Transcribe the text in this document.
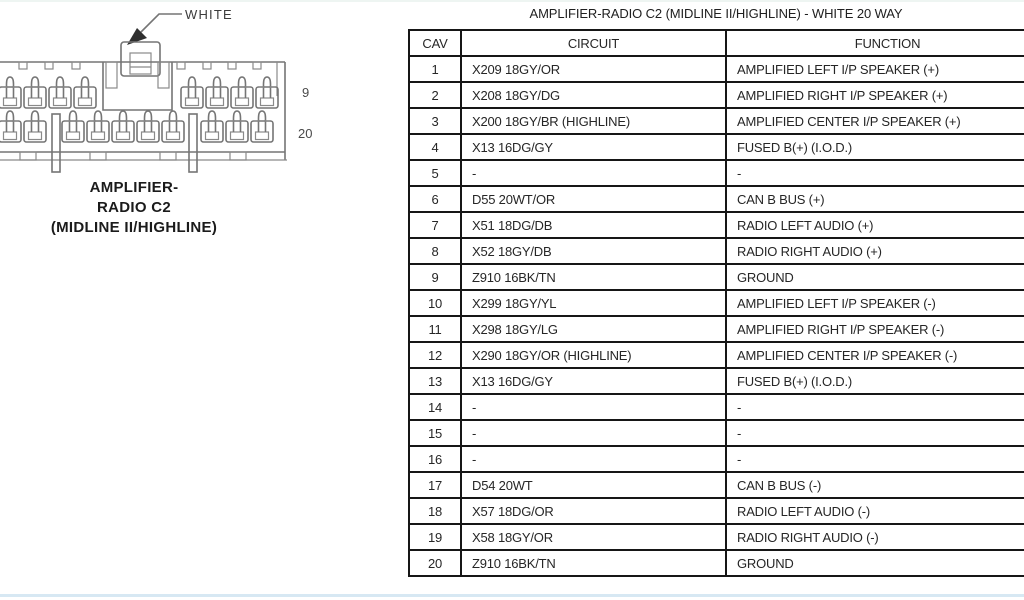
WHITE
9
20
AMPLIFIER-
RADIO C2
(MIDLINE II/HIGHLINE)
AMPLIFIER-RADIO C2 (MIDLINE II/HIGHLINE) - WHITE 20 WAY
CAV	CIRCUIT	FUNCTION
1	X209 18GY/OR	AMPLIFIED LEFT I/P SPEAKER (+)
2	X208 18GY/DG	AMPLIFIED RIGHT I/P SPEAKER (+)
3	X200 18GY/BR (HIGHLINE)	AMPLIFIED CENTER I/P SPEAKER (+)
4	X13 16DG/GY	FUSED B(+) (I.O.D.)
5	-	-
6	D55 20WT/OR	CAN B BUS (+)
7	X51 18DG/DB	RADIO LEFT AUDIO (+)
8	X52 18GY/DB	RADIO RIGHT AUDIO (+)
9	Z910 16BK/TN	GROUND
10	X299 18GY/YL	AMPLIFIED LEFT I/P SPEAKER (-)
11	X298 18GY/LG	AMPLIFIED RIGHT I/P SPEAKER (-)
12	X290 18GY/OR (HIGHLINE)	AMPLIFIED CENTER I/P SPEAKER (-)
13	X13 16DG/GY	FUSED B(+) (I.O.D.)
14	-	-
15	-	-
16	-	-
17	D54 20WT	CAN B BUS (-)
18	X57 18DG/OR	RADIO LEFT AUDIO (-)
19	X58 18GY/OR	RADIO RIGHT AUDIO (-)
20	Z910 16BK/TN	GROUND
